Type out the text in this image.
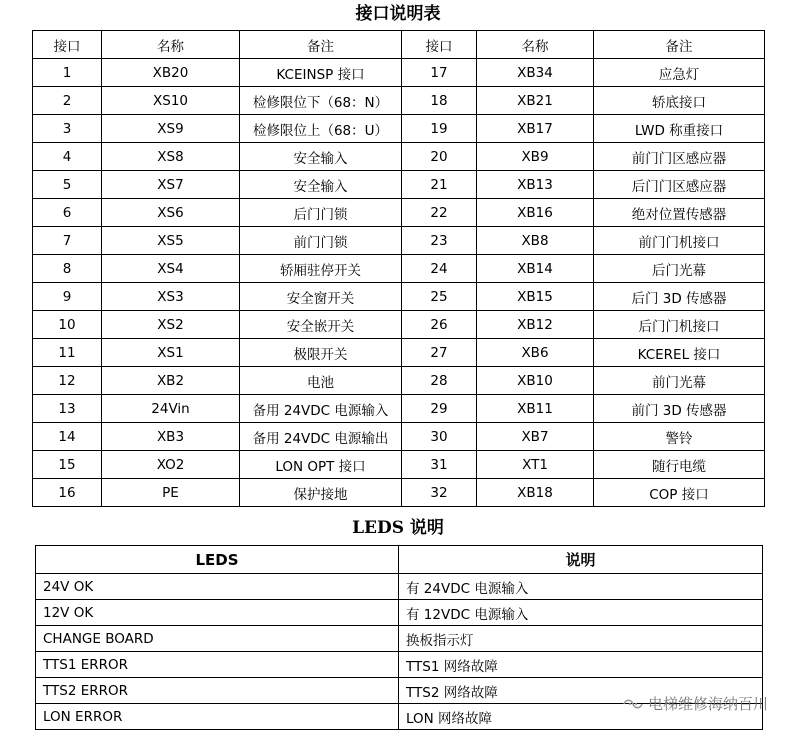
接口说明表
接口	名称	备注	接口	名称	备注
1	XB20	KCEINSP 接口	17	XB34	应急灯
2	XS10	检修限位下（68：N）	18	XB21	轿底接口
3	XS9	检修限位上（68：U）	19	XB17	LWD 称重接口
4	XS8	安全输入	20	XB9	前门门区感应器
5	XS7	安全输入	21	XB13	后门门区感应器
6	XS6	后门门锁	22	XB16	绝对位置传感器
7	XS5	前门门锁	23	XB8	前门门机接口
8	XS4	轿厢驻停开关	24	XB14	后门光幕
9	XS3	安全窗开关	25	XB15	后门 3D 传感器
10	XS2	安全嵌开关	26	XB12	后门门机接口
11	XS1	极限开关	27	XB6	KCEREL 接口
12	XB2	电池	28	XB10	前门光幕
13	24Vin	备用 24VDC 电源输入	29	XB11	前门 3D 传感器
14	XB3	备用 24VDC 电源输出	30	XB7	警铃
15	XO2	LON OPT 接口	31	XT1	随行电缆
16	PE	保护接地	32	XB18	COP 接口
LEDS 说明
LEDS	说明
24V OK	有 24VDC 电源输入
12V OK	有 12VDC 电源输入
CHANGE BOARD	换板指示灯
TTS1 ERROR	TTS1 网络故障
TTS2 ERROR	TTS2 网络故障
LON ERROR	LON 网络故障
电梯维修海纳百川
